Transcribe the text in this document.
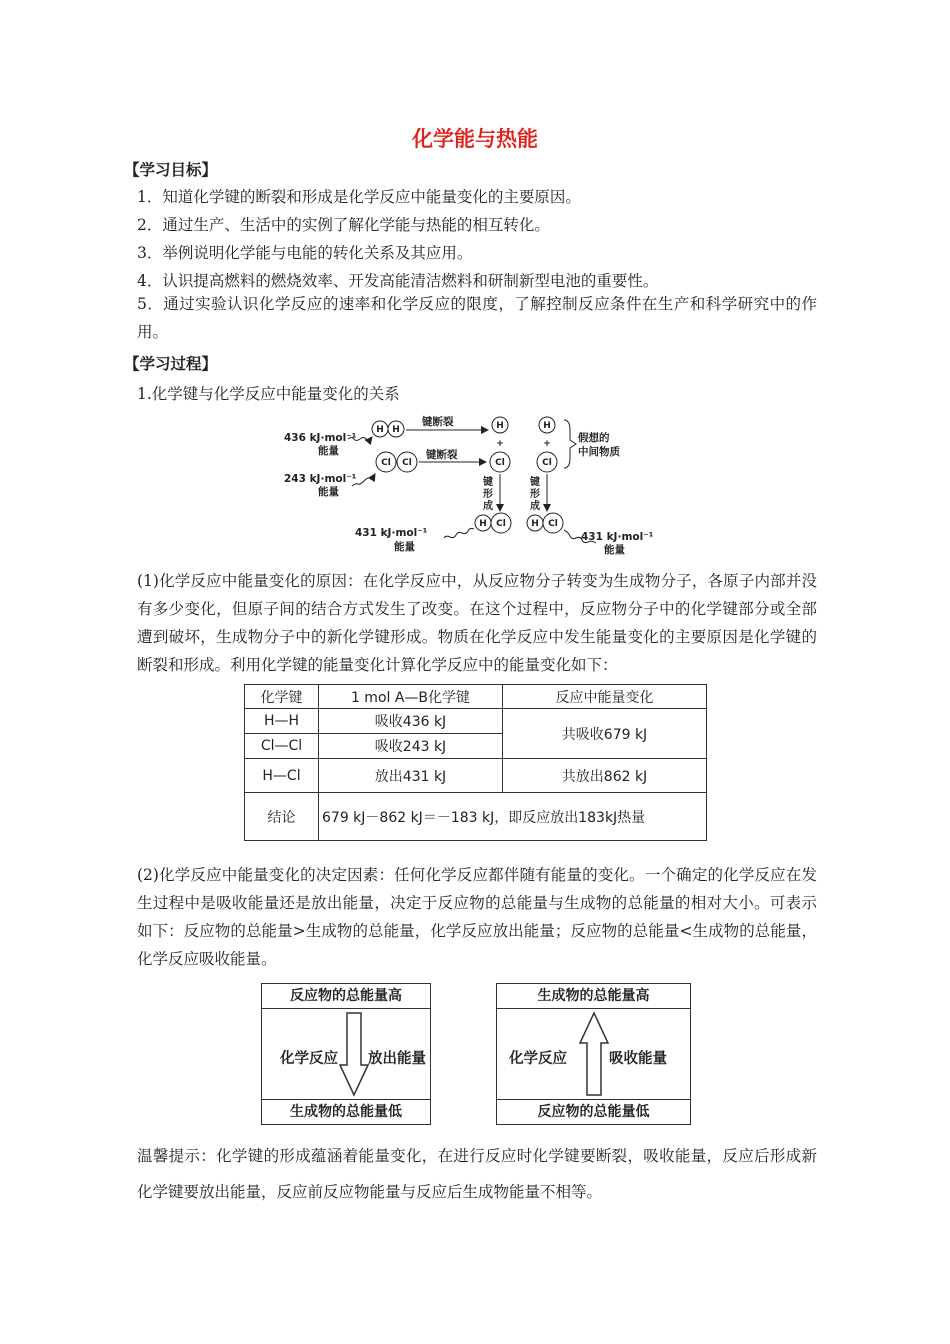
化学能与热能
【学习目标】
1．知道化学键的断裂和形成是化学反应中能量变化的主要原因。
2．通过生产、生活中的实例了解化学能与热能的相互转化。
3．举例说明化学能与电能的转化关系及其应用。
4．认识提高燃料的燃烧效率、开发高能清洁燃料和研制新型电池的重要性。
5．通过实验认识化学反应的速率和化学反应的限度，了解控制反应条件在生产和科学研究中的作用。
【学习过程】
1.化学键与化学反应中能量变化的关系
436 kJ·mol⁻¹
能量
243 kJ·mol⁻¹
能量
431 kJ·mol⁻¹
能量
431 kJ·mol⁻¹
能量
键断裂
键断裂
假想的
中间物质
H H
Cl Cl
H
+
Cl
H
+
Cl
H Cl	H Cl
键形成
键形成
(1)化学反应中能量变化的原因：在化学反应中，从反应物分子转变为生成物分子，各原子内部并没有多少变化，但原子间的结合方式发生了改变。在这个过程中，反应物分子中的化学键部分或全部遭到破坏，生成物分子中的新化学键形成。物质在化学反应中发生能量变化的主要原因是化学键的断裂和形成。利用化学键的能量变化计算化学反应中的能量变化如下：
化学键	1 mol A—B化学键	反应中能量变化
H—H	吸收436 kJ	共吸收679 kJ
Cl—Cl	吸收243 kJ	
H—Cl	放出431 kJ	共放出862 kJ
结论	679 kJ－862 kJ＝－183 kJ，即反应放出183kJ热量	
(2)化学反应中能量变化的决定因素：任何化学反应都伴随有能量的变化。一个确定的化学反应在发生过程中是吸收能量还是放出能量，决定于反应物的总能量与生成物的总能量的相对大小。可表示如下：反应物的总能量>生成物的总能量，化学反应放出能量；反应物的总能量<生成物的总能量，化学反应吸收能量。
反应物的总能量高
生成物的总能量低
化学反应 放出能量
生成物的总能量高
反应物的总能量低
化学反应	吸收能量
温馨提示：化学键的形成蕴涵着能量变化，在进行反应时化学键要断裂，吸收能量，反应后形成新化学键要放出能量，反应前反应物能量与反应后生成物能量不相等。
